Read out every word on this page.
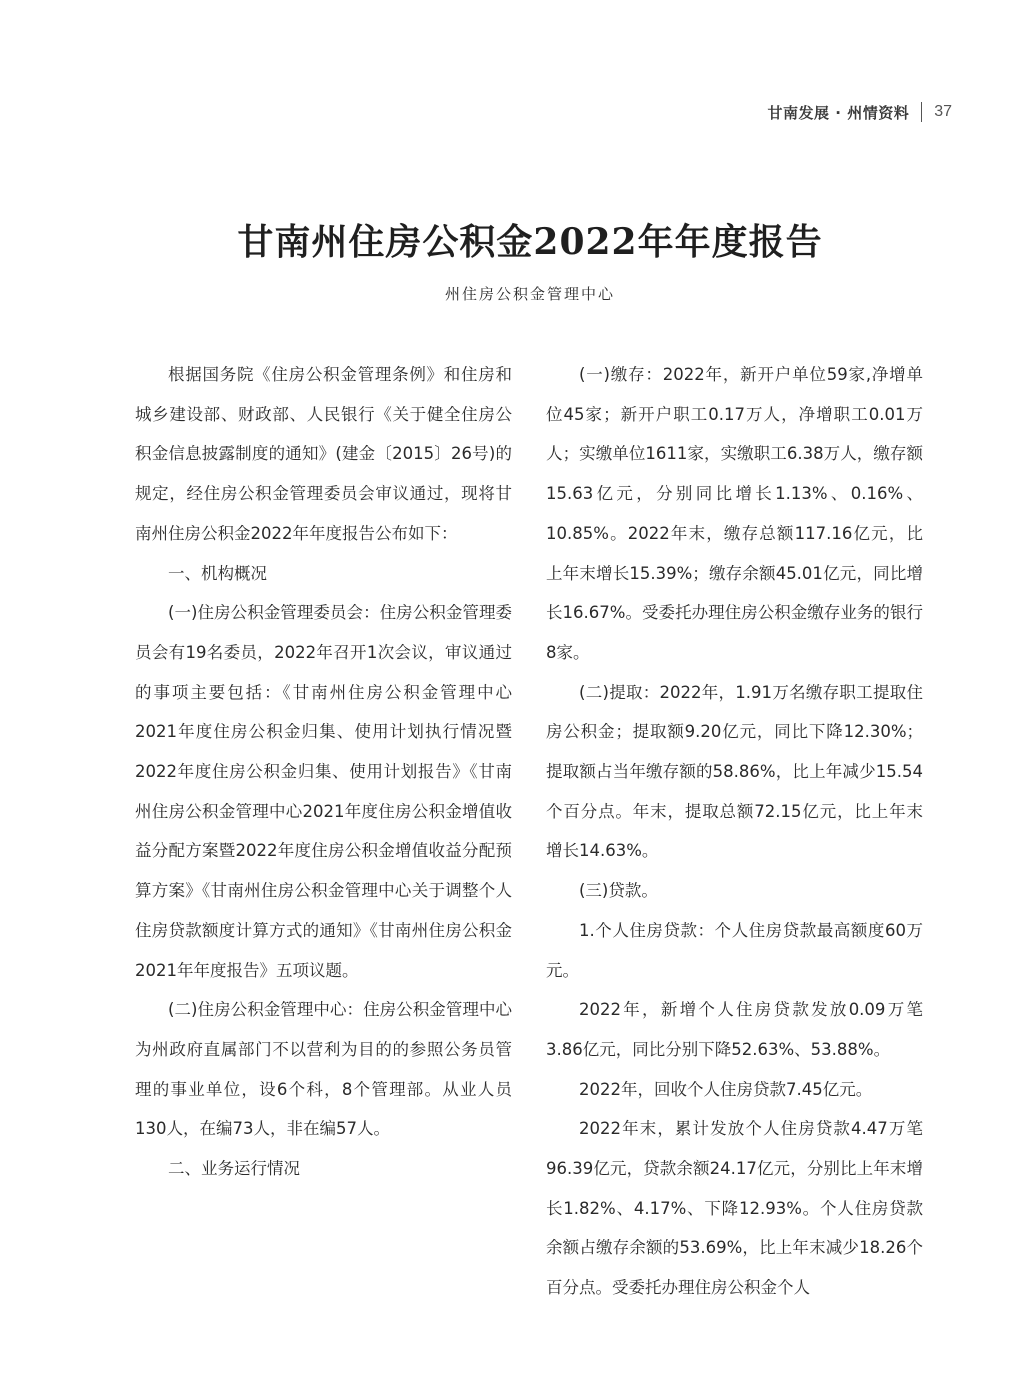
甘南发展 · 州情资料 37
甘南州住房公积金2022年年度报告
州住房公积金管理中心

根据国务院《住房公积金管理条例》和住房和城乡建设部、财政部、人民银行《关于健全住房公积金信息披露制度的通知》(建金〔2015〕26号)的规定，经住房公积金管理委员会审议通过，现将甘南州住房公积金2022年年度报告公布如下：

一、机构概况

(一)住房公积金管理委员会：住房公积金管理委员会有19名委员，2022年召开1次会议，审议通过的事项主要包括：《甘南州住房公积金管理中心2021年度住房公积金归集、使用计划执行情况暨2022年度住房公积金归集、使用计划报告》《甘南州住房公积金管理中心2021年度住房公积金增值收益分配方案暨2022年度住房公积金增值收益分配预算方案》《甘南州住房公积金管理中心关于调整个人住房贷款额度计算方式的通知》《甘南州住房公积金2021年年度报告》五项议题。

(二)住房公积金管理中心：住房公积金管理中心为州政府直属部门不以营利为目的的参照公务员管理的事业单位，设6个科，8个管理部。从业人员130人，在编73人，非在编57人。

二、业务运行情况

(一)缴存：2022年，新开户单位59家,净增单位45家；新开户职工0.17万人，净增职工0.01万人；实缴单位1611家，实缴职工6.38万人，缴存额15.63亿元，分别同比增长1.13%、0.16%、10.85%。2022年末，缴存总额117.16亿元，比上年末增长15.39%；缴存余额45.01亿元，同比增长16.67%。受委托办理住房公积金缴存业务的银行8家。

(二)提取：2022年，1.91万名缴存职工提取住房公积金；提取额9.20亿元，同比下降12.30%；提取额占当年缴存额的58.86%，比上年减少15.54个百分点。年末，提取总额72.15亿元，比上年末增长14.63%。

(三)贷款。

1.个人住房贷款：个人住房贷款最高额度60万元。

2022年，新增个人住房贷款发放0.09万笔3.86亿元，同比分别下降52.63%、53.88%。

2022年，回收个人住房贷款7.45亿元。

2022年末，累计发放个人住房贷款4.47万笔96.39亿元，贷款余额24.17亿元，分别比上年末增长1.82%、4.17%、下降12.93%。个人住房贷款余额占缴存余额的53.69%，比上年末减少18.26个百分点。受委托办理住房公积金个人
